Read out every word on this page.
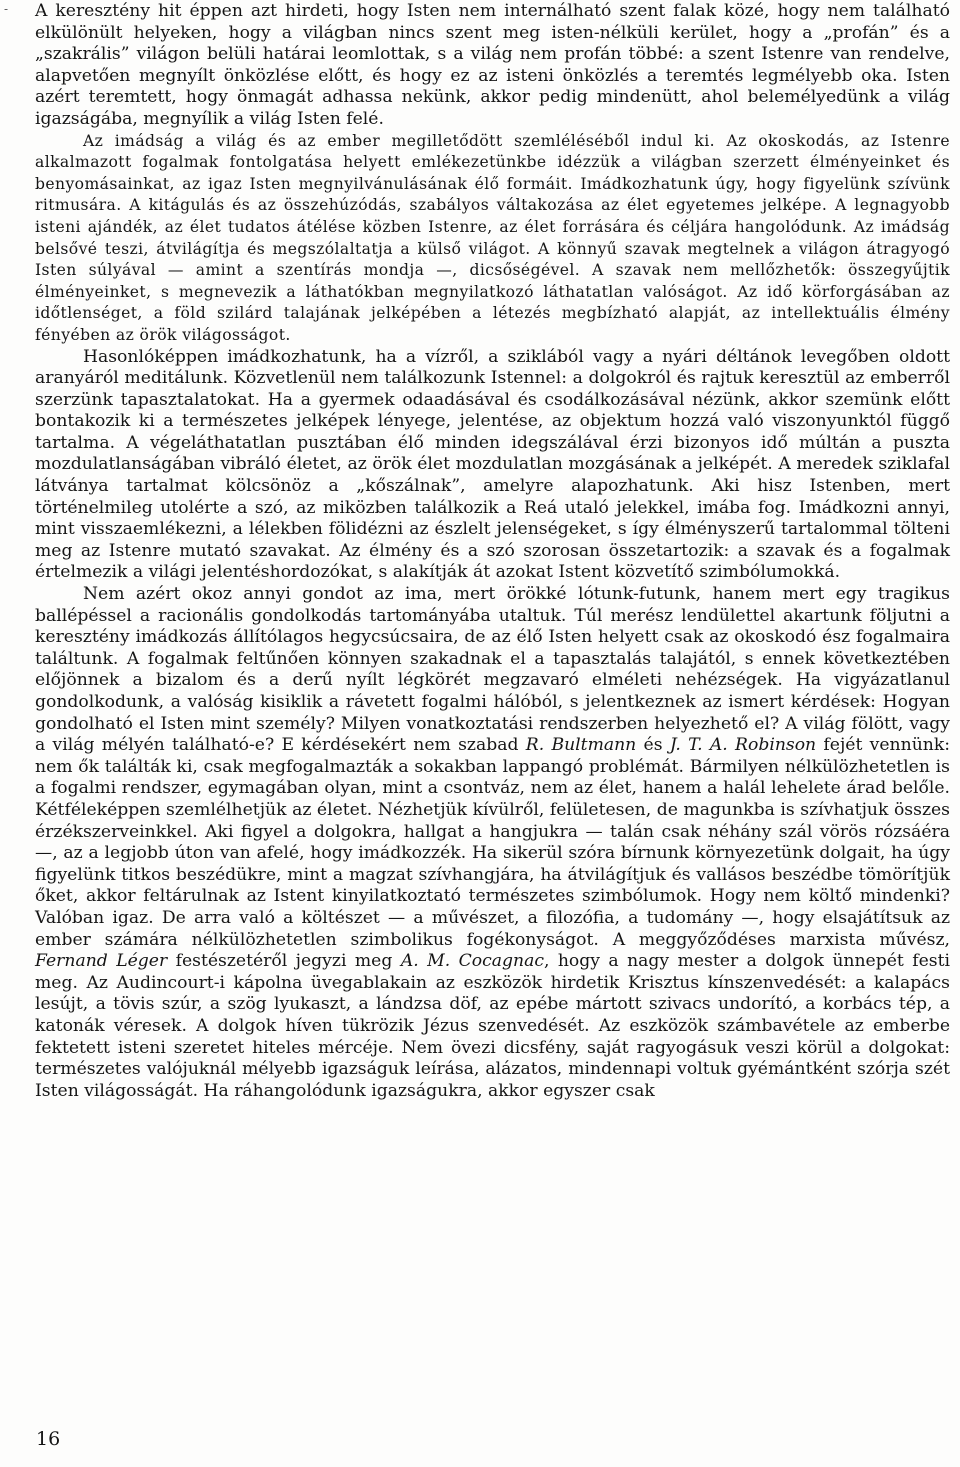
- A keresztény hit éppen azt hirdeti, hogy Isten nem internálható szent falak közé, hogy nem található elkülönült helyeken, hogy a világban nincs szent meg isten-nélküli kerület, hogy a „profán” és a „szakrális” világon belüli határai leomlottak, s a világ nem profán többé: a szent Istenre van rendelve, alapvetően megnyílt önközlése előtt, és hogy ez az isteni önközlés a teremtés legmélyebb oka. Isten azért teremtett, hogy önmagát adhassa nekünk, akkor pedig mindenütt, ahol belemélyedünk a világ igazságába, megnyílik a világ Isten felé.

Az imádság a világ és az ember megilletődött szemléléséből indul ki. Az okoskodás, az Istenre alkalmazott fogalmak fontolgatása helyett emlékezetünkbe idézzük a világban szerzett élményeinket és benyomásainkat, az igaz Isten megnyilvánulásának élő formáit. Imádkozhatunk úgy, hogy figyelünk szívünk ritmusára. A kitágulás és az összehúzódás, szabályos váltakozása az élet egyetemes jelképe. A legnagyobb isteni ajándék, az élet tudatos átélése közben Istenre, az élet forrására és céljára hangolódunk. Az imádság belsővé teszi, átvilágítja és megszólaltatja a külső világot. A könnyű szavak megtelnek a világon átragyogó Isten súlyával — amint a szentírás mondja —, dicsőségével. A szavak nem mellőzhetők: összegyűjtik élményeinket, s megnevezik a láthatókban megnyilatkozó láthatatlan valóságot. Az idő körforgásában az időtlenséget, a föld szilárd talajának jelképében a létezés megbízható alapját, az intellektuális élmény fényében az örök világosságot.

Hasonlóképpen imádkozhatunk, ha a vízről, a sziklából vagy a nyári déltánok levegőben oldott aranyáról meditálunk. Közvetlenül nem találkozunk Istennel: a dolgokról és rajtuk keresztül az emberről szerzünk tapasztalatokat. Ha a gyermek odaadásával és csodálkozásával nézünk, akkor szemünk előtt bontakozik ki a természetes jelképek lényege, jelentése, az objektum hozzá való viszonyunktól függő tartalma. A végeláthatatlan pusztában élő minden idegszálával érzi bizonyos idő múltán a puszta mozdulatlanságában vibráló életet, az örök élet mozdulatlan mozgásának a jelképét. A meredek sziklafal látványa tartalmat kölcsönöz a „kőszálnak”, amelyre alapozhatunk. Aki hisz Istenben, mert történelmileg utolérte a szó, az miközben találkozik a Reá utaló jelekkel, imába fog. Imádkozni annyi, mint visszaemlékezni, a lélekben fölidézni az észlelt jelenségeket, s így élményszerű tartalommal tölteni meg az Istenre mutató szavakat. Az élmény és a szó szorosan összetartozik: a szavak és a fogalmak értelmezik a világi jelentéshordozókat, s alakítják át azokat Istent közvetítő szimbólumokká.

Nem azért okoz annyi gondot az ima, mert örökké lótunk-futunk, hanem mert egy tragikus ballépéssel a racionális gondolkodás tartományába utaltuk. Túl merész lendülettel akartunk följutni a keresztény imádkozás állítólagos hegycsúcsaira, de az élő Isten helyett csak az okoskodó ész fogalmaira találtunk. A fogalmak feltűnően könnyen szakadnak el a tapasztalás talajától, s ennek következtében előjönnek a bizalom és a derű nyílt légkörét megzavaró elméleti nehézségek. Ha vigyázatlanul gondolkodunk, a valóság kisiklik a rávetett fogalmi hálóból, s jelentkeznek az ismert kérdések: Hogyan gondolható el Isten mint személy? Milyen vonatkoztatási rendszerben helyezhető el? A világ fölött, vagy a világ mélyén található-e? E kérdésekért nem szabad R. Bultmann és J. T. A. Robinson fejét vennünk: nem ők találták ki, csak megfogalmazták a sokakban lappangó problémát. Bármilyen nélkülözhetetlen is a fogalmi rendszer, egymagában olyan, mint a csontváz, nem az élet, hanem a halál lehelete árad belőle. Kétféleképpen szemlélhetjük az életet. Nézhetjük kívülről, felületesen, de magunkba is szívhatjuk összes érzékszerveinkkel. Aki figyel a dolgokra, hallgat a hangjukra — talán csak néhány szál vörös rózsáéra —, az a legjobb úton van afelé, hogy imádkozzék. Ha sikerül szóra bírnunk környezetünk dolgait, ha úgy figyelünk titkos beszédükre, mint a magzat szívhangjára, ha átvilágítjuk és vallásos beszédbe tömörítjük őket, akkor feltárulnak az Istent kinyilatkoztató természetes szimbólumok. Hogy nem költő mindenki? Valóban igaz. De arra való a költészet — a művészet, a filozófia, a tudomány —, hogy elsajátítsuk az ember számára nélkülözhetetlen szimbolikus fogékonyságot. A meggyőződéses marxista művész, Fernand Léger festészetéről jegyzi meg A. M. Cocagnac, hogy a nagy mester a dolgok ünnepét festi meg. Az Audincourt-i kápolna üvegablakain az eszközök hirdetik Krisztus kínszenvedését: a kalapács lesújt, a tövis szúr, a szög lyukaszt, a lándzsa döf, az epébe mártott szivacs undorító, a korbács tép, a katonák véresek. A dolgok híven tükrözik Jézus szenvedését. Az eszközök számbavétele az emberbe fektetett isteni szeretet hiteles mércéje. Nem övezi dicsfény, saját ragyogásuk veszi körül a dolgokat: természetes valójuknál mélyebb igazságuk leírása, alázatos, mindennapi voltuk gyémántként szórja szét Isten világosságát. Ha ráhangolódunk igazságukra, akkor egyszer csak

16
